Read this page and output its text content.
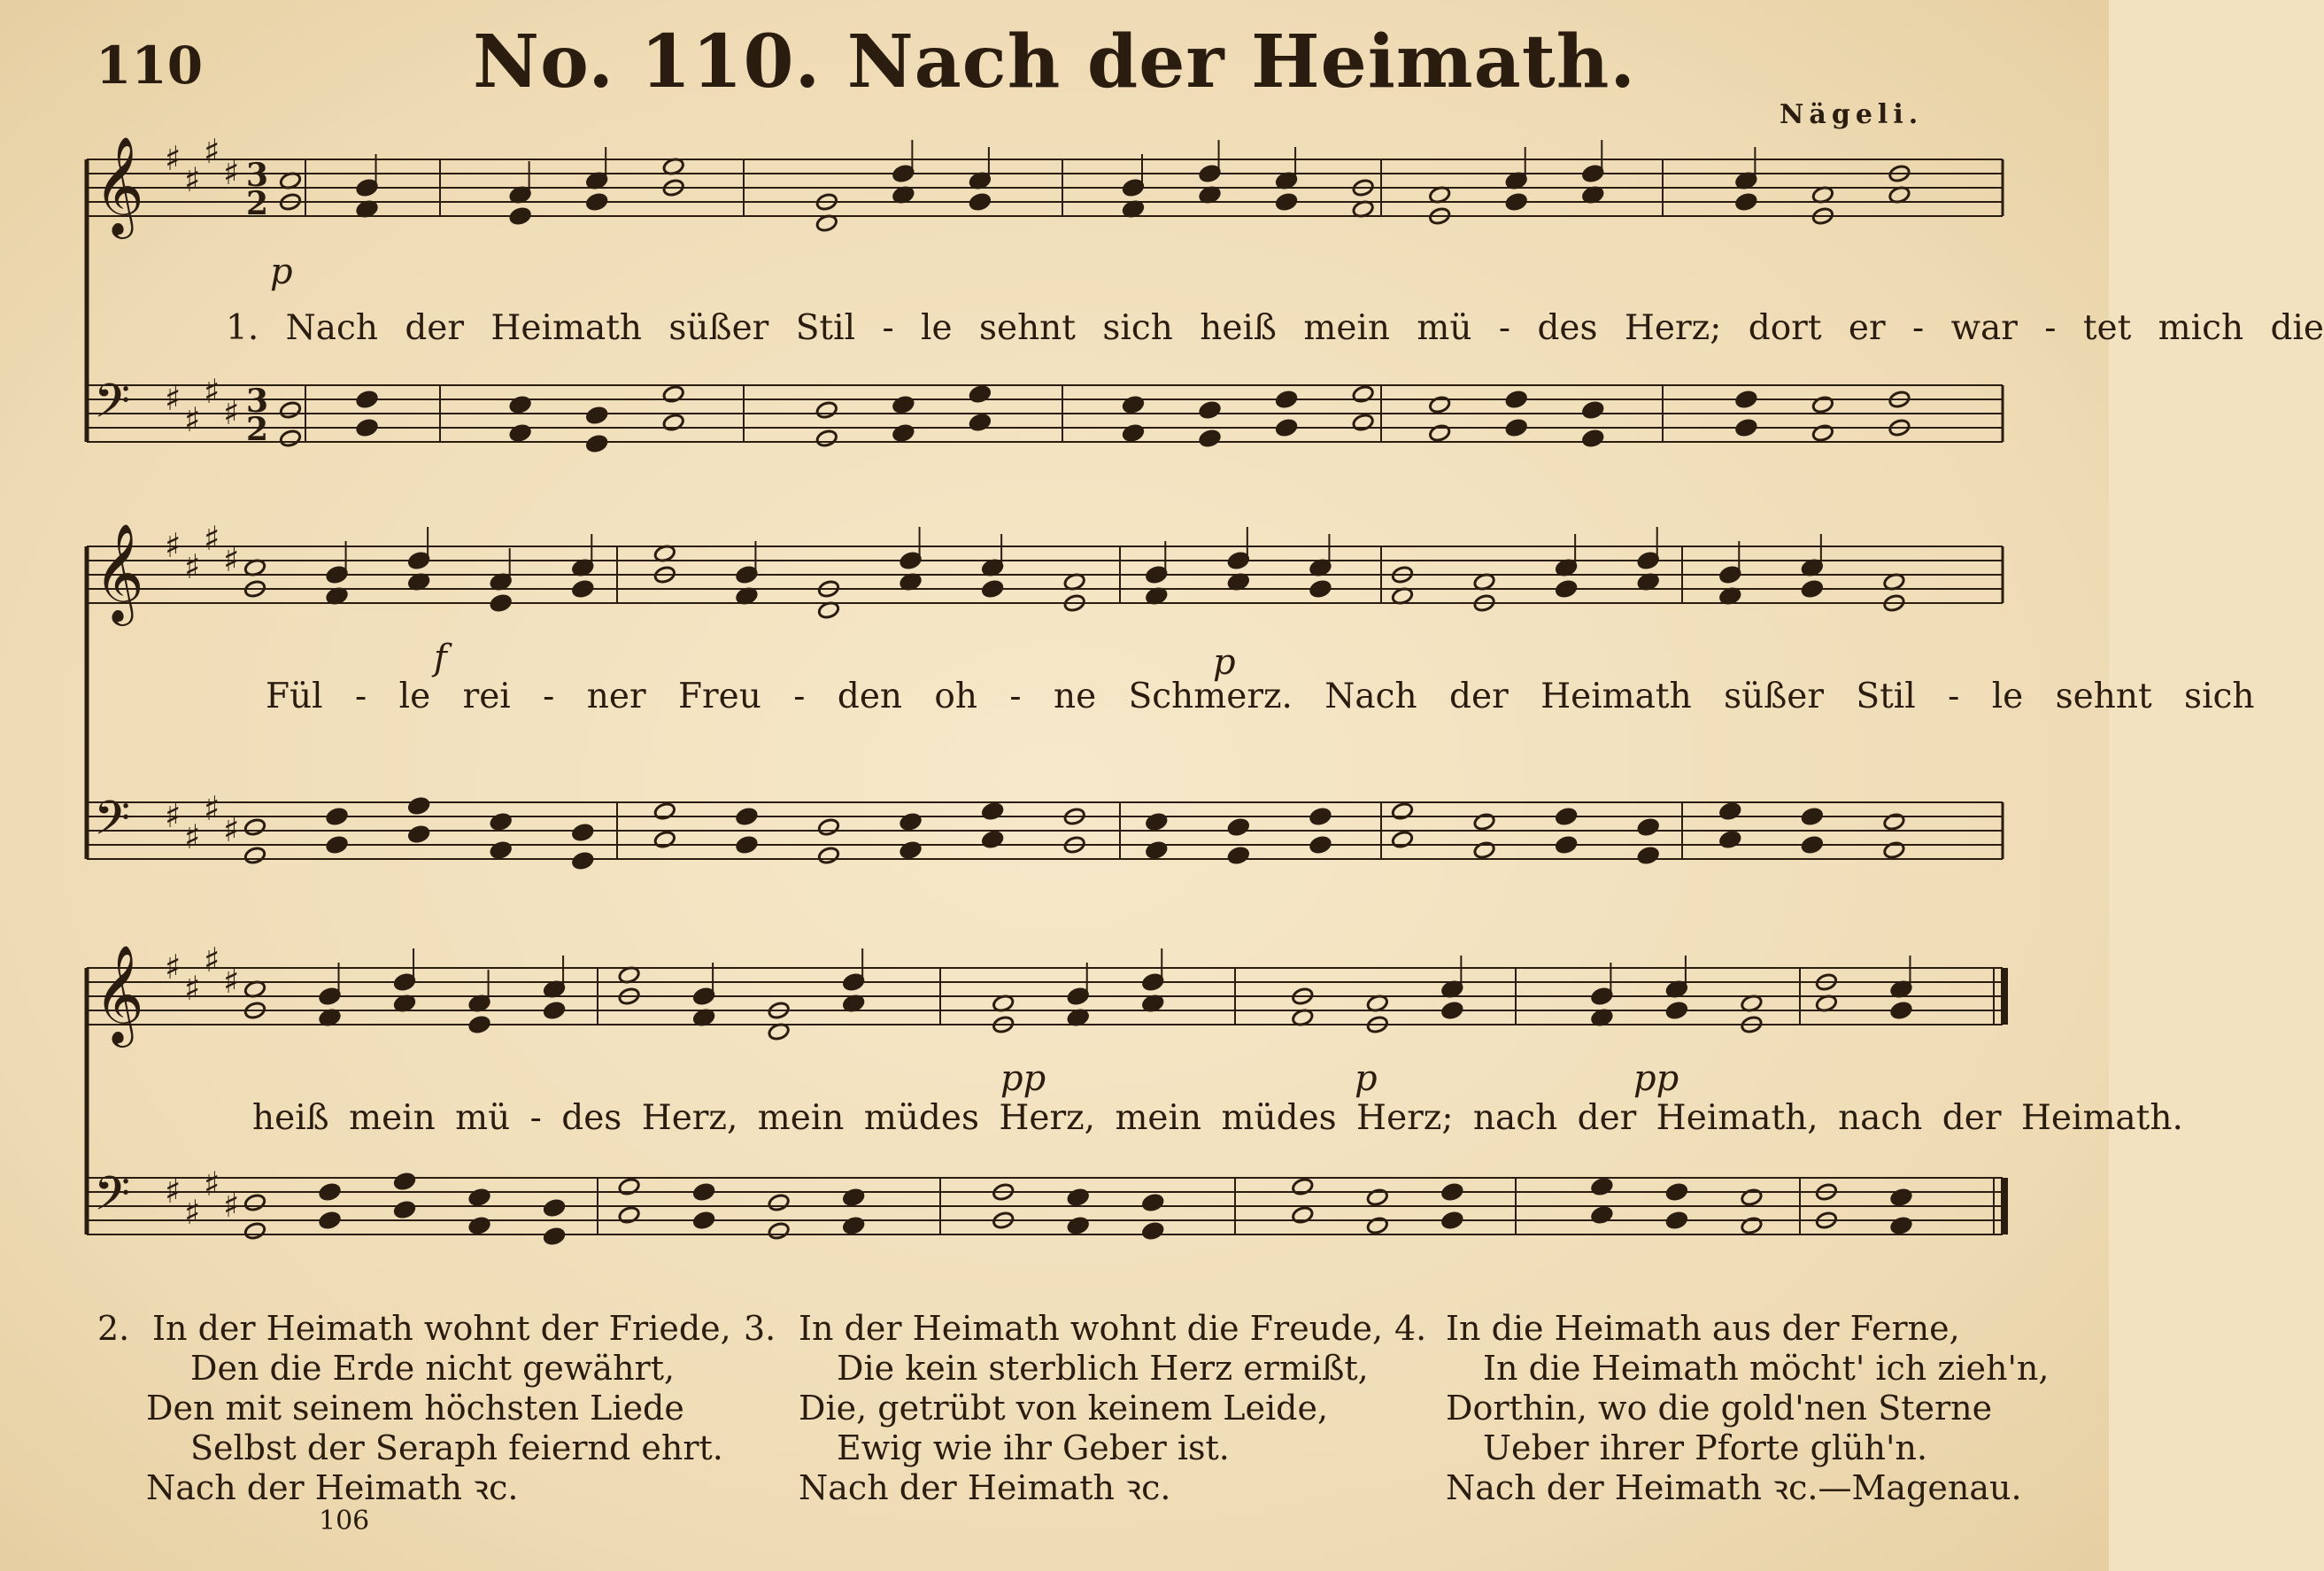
110	No. 110. Nach der Heimath.
Nägeli.
𝄞 ♯
♯
♯
♯ 3
2
𝄢 ♯
♯
♯
♯ 3
2
𝄞 ♯
♯
♯
♯
𝄢 ♯
♯
♯
♯
𝄞 ♯
♯
♯
♯
𝄢 ♯
♯
♯
♯
1. Nach der Heimath süßer Stil - le sehnt sich heiß mein mü - des Herz; dort er - war - tet mich die
Fül - le rei - ner Freu - den oh - ne Schmerz. Nach der Heimath süßer Stil - le sehnt sich
heiß mein mü - des Herz, mein müdes Herz, mein müdes Herz; nach der Heimath, nach der Heimath.
p
f	p
pp	p	pp
2. In der Heimath wohnt der Friede,
Den die Erde nicht gewährt,
Den mit seinem höchsten Liede
Selbst der Seraph feiernd ehrt.
Nach der Heimath ꝛc.
3. In der Heimath wohnt die Freude,
Die kein sterblich Herz ermißt,
Die, getrübt von keinem Leide,
Ewig wie ihr Geber ist.
Nach der Heimath ꝛc.
4. In die Heimath aus der Ferne,
In die Heimath möcht' ich zieh'n,
Dorthin, wo die gold'nen Sterne
Ueber ihrer Pforte glüh'n.
Nach der Heimath ꝛc.—Magenau.
106
